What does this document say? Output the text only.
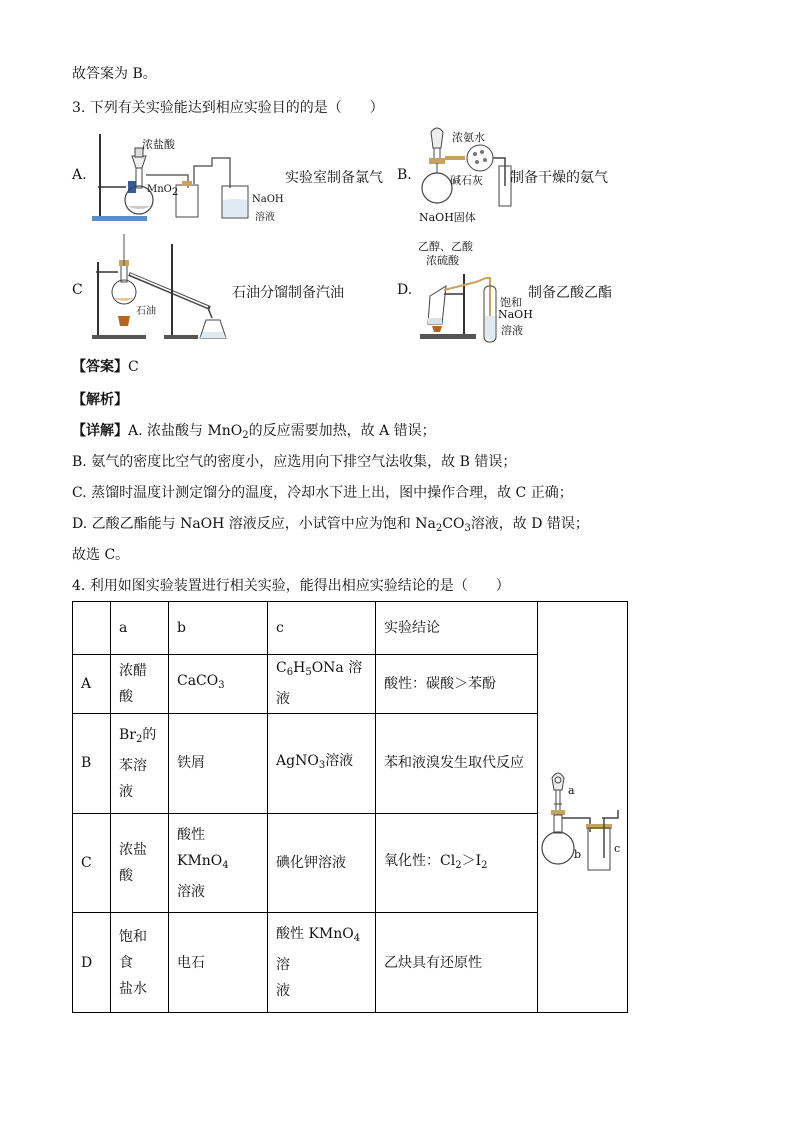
故答案为 B。
3. 下列有关实验能达到相应实验目的的是（　　）
A.
浓盐酸
MnO$_2$
NaOH
溶液
实验室制备氯气 B.
浓氨水
碱石灰
NaOH固体
制备干燥的氨气
C
石油
石油分馏制备汽油	D.
乙醇、乙酸
浓硫酸
饱和
NaOH
溶液
制备乙酸乙酯
【答案】C
【解析】
【详解】A. 浓盐酸与 MnO$_2$的反应需要加热，故 A 错误；
B. 氨气的密度比空气的密度小，应选用向下排空气法收集，故 B 错误；
C. 蒸馏时温度计测定馏分的温度，冷却水下进上出，图中操作合理，故 C 正确；
D. 乙酸乙酯能与 NaOH 溶液反应，小试管中应为饱和 $Na_2CO_3$溶液，故 D 错误；
故选 C。
4. 利用如图实验装置进行相关实验，能得出相应实验结论的是（　　）
	a	b	c	实验结论	a
b c

A	浓醋酸	CaCO$_3$	$C_6H_5ONa$ 溶液	酸性：碳酸＞苯酚	
B	$Br_2$的
苯溶液	铁屑	AgNO$_3$溶液	苯和液溴发生取代反应	
C	浓盐酸	酸性 KMnO$_4$
溶液	碘化钾溶液	氧化性：$Cl_2>I_2$
D	饱和食
盐水	电石	酸性 KMnO$_4$溶
液	乙炔具有还原性	
